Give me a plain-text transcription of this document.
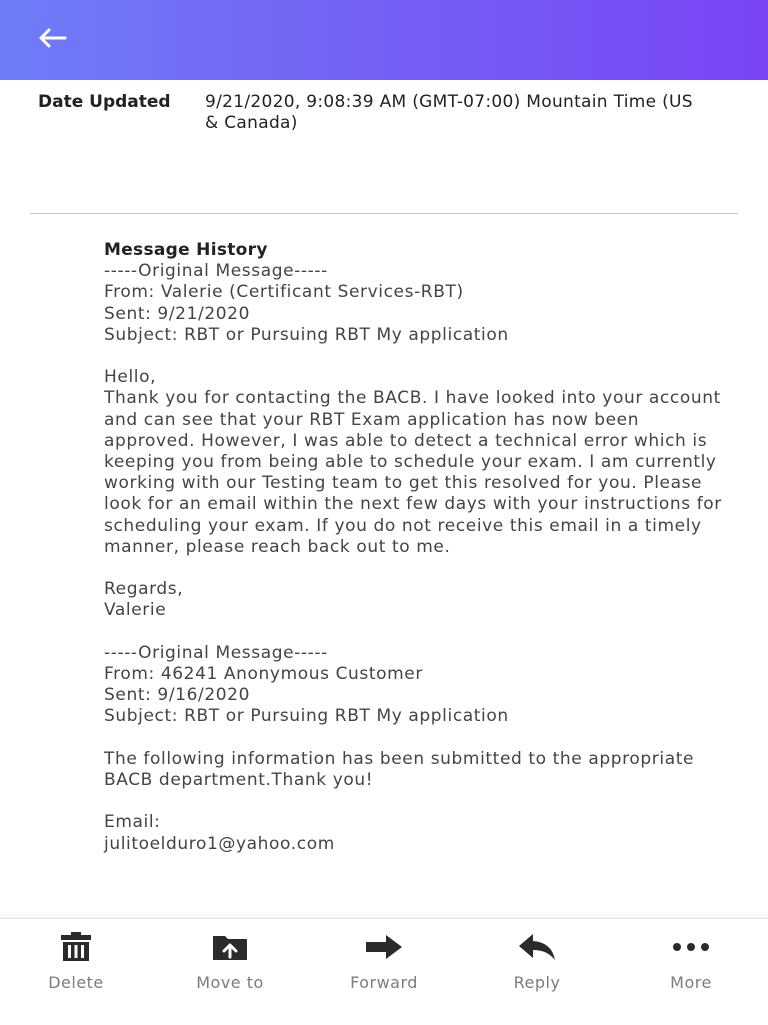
Date Updated 9/21/2020, 9:08:39 AM (GMT-07:00) Mountain Time (US & Canada)

Message History

-----Original Message-----

From: Valerie (Certificant Services-RBT)

Sent: 9/21/2020

Subject: RBT or Pursuing RBT My application

Hello,

Thank you for contacting the BACB. I have looked into your account and can see that your RBT Exam application has now been approved. However, I was able to detect a technical error which is keeping you from being able to schedule your exam. I am currently working with our Testing team to get this resolved for you. Please look for an email within the next few days with your instructions for scheduling your exam. If you do not receive this email in a timely manner, please reach back out to me.

Regards,

Valerie

-----Original Message-----

From: 46241 Anonymous Customer

Sent: 9/16/2020

Subject: RBT or Pursuing RBT My application

The following information has been submitted to the appropriate BACB department.Thank you!

Email:

julitoelduro1@yahoo.com

Delete	Move to	Forward	Reply	More
